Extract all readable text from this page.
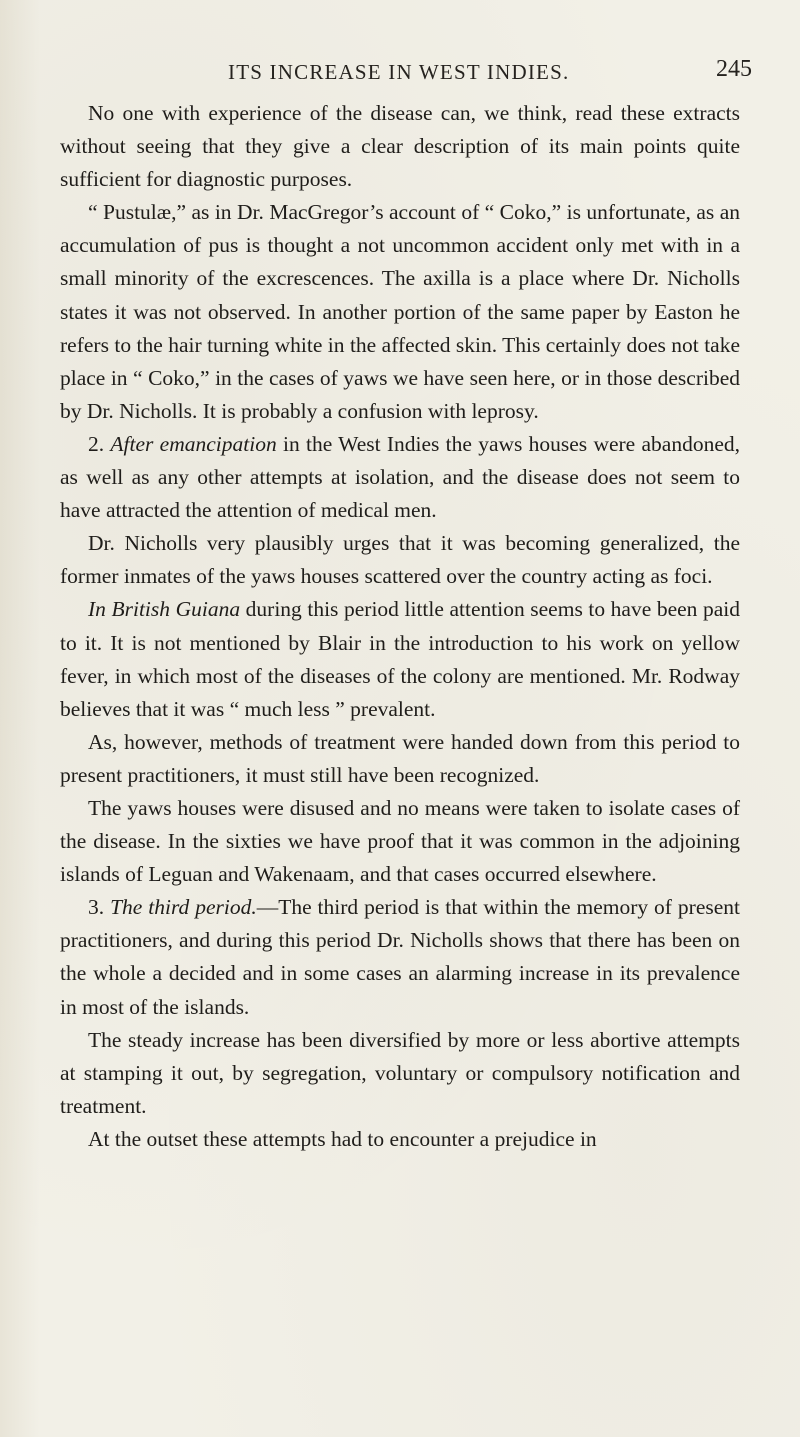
ITS INCREASE IN WEST INDIES.	245

No one with experience of the disease can, we think, read these extracts without seeing that they give a clear description of its main points quite sufficient for diagnostic purposes.

“ Pustulæ,” as in Dr. MacGregor’s account of “ Coko,” is unfortunate, as an accumulation of pus is thought a not uncommon accident only met with in a small minority of the excrescences. The axilla is a place where Dr. Nicholls states it was not observed. In another portion of the same paper by Easton he refers to the hair turning white in the affected skin. This certainly does not take place in “ Coko,” in the cases of yaws we have seen here, or in those described by Dr. Nicholls. It is probably a confusion with leprosy.

2. After emancipation in the West Indies the yaws houses were abandoned, as well as any other attempts at isolation, and the disease does not seem to have attracted the attention of medical men.

Dr. Nicholls very plausibly urges that it was becoming generalized, the former inmates of the yaws houses scattered over the country acting as foci.

In British Guiana during this period little attention seems to have been paid to it. It is not mentioned by Blair in the introduction to his work on yellow fever, in which most of the diseases of the colony are mentioned. Mr. Rodway believes that it was “ much less ” prevalent.

As, however, methods of treatment were handed down from this period to present practitioners, it must still have been recognized.

The yaws houses were disused and no means were taken to isolate cases of the disease. In the sixties we have proof that it was common in the adjoining islands of Leguan and Wakenaam, and that cases occurred elsewhere.

3. The third period.—The third period is that within the memory of present practitioners, and during this period Dr. Nicholls shows that there has been on the whole a decided and in some cases an alarming increase in its prevalence in most of the islands.

The steady increase has been diversified by more or less abortive attempts at stamping it out, by segregation, voluntary or compulsory notification and treatment.

At the outset these attempts had to encounter a prejudice in
